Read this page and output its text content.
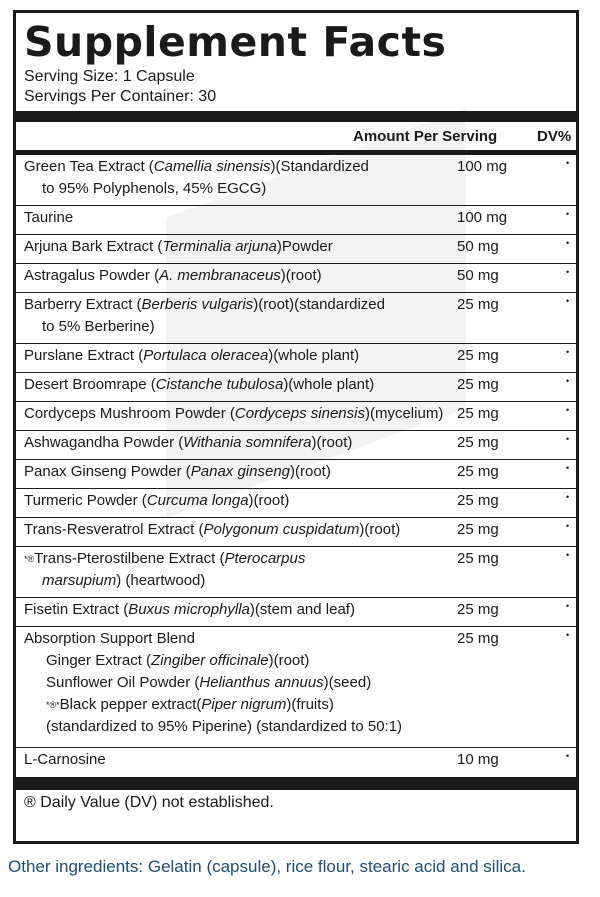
Supplement Facts
Serving Size: 1 Capsule
Servings Per Container: 30
Amount Per Serving	DV%
Green Tea Extract (Camellia sinensis)(Standardized
to 95% Polyphenols, 45% EGCG)
100 mg	•
Taurine	100 mg	•
Arjuna Bark Extract (Terminalia arjuna)Powder	50 mg	•
Astragalus Powder (A. membranaceus)(root)	50 mg	•
Barberry Extract (Berberis vulgaris)(root)(standardized
to 5% Berberine)
25 mg	•
Purslane Extract (Portulaca oleracea)(whole plant)	25 mg	•
Desert Broomrape (Cistanche tubulosa)(whole plant)	25 mg	•
Cordyceps Mushroom Powder (Cordyceps sinensis)(mycelium) 25 mg	•
Ashwagandha Powder (Withania somnifera)(root)	25 mg	•
Panax Ginseng Powder (Panax ginseng)(root)	25 mg	•
Turmeric Powder (Curcuma longa)(root)	25 mg	•
Trans-Resveratrol Extract (Polygonum cuspidatum)(root)	25 mg	•
*®Trans-Pterostilbene Extract (Pterocarpus
marsupium) (heartwood)
25 mg	•
Fisetin Extract (Buxus microphylla)(stem and leaf)	25 mg	•
Absorption Support Blend
Ginger Extract (Zingiber officinale)(root)
Sunflower Oil Powder (Helianthus annuus)(seed)
*®*Black pepper extract(Piper nigrum)(fruits)
(standardized to 95% Piperine) (standardized to 50:1)
25 mg	•
L-Carnosine	10 mg	•
® Daily Value (DV) not established.
Other ingredients: Gelatin (capsule), rice flour, stearic acid and silica.
